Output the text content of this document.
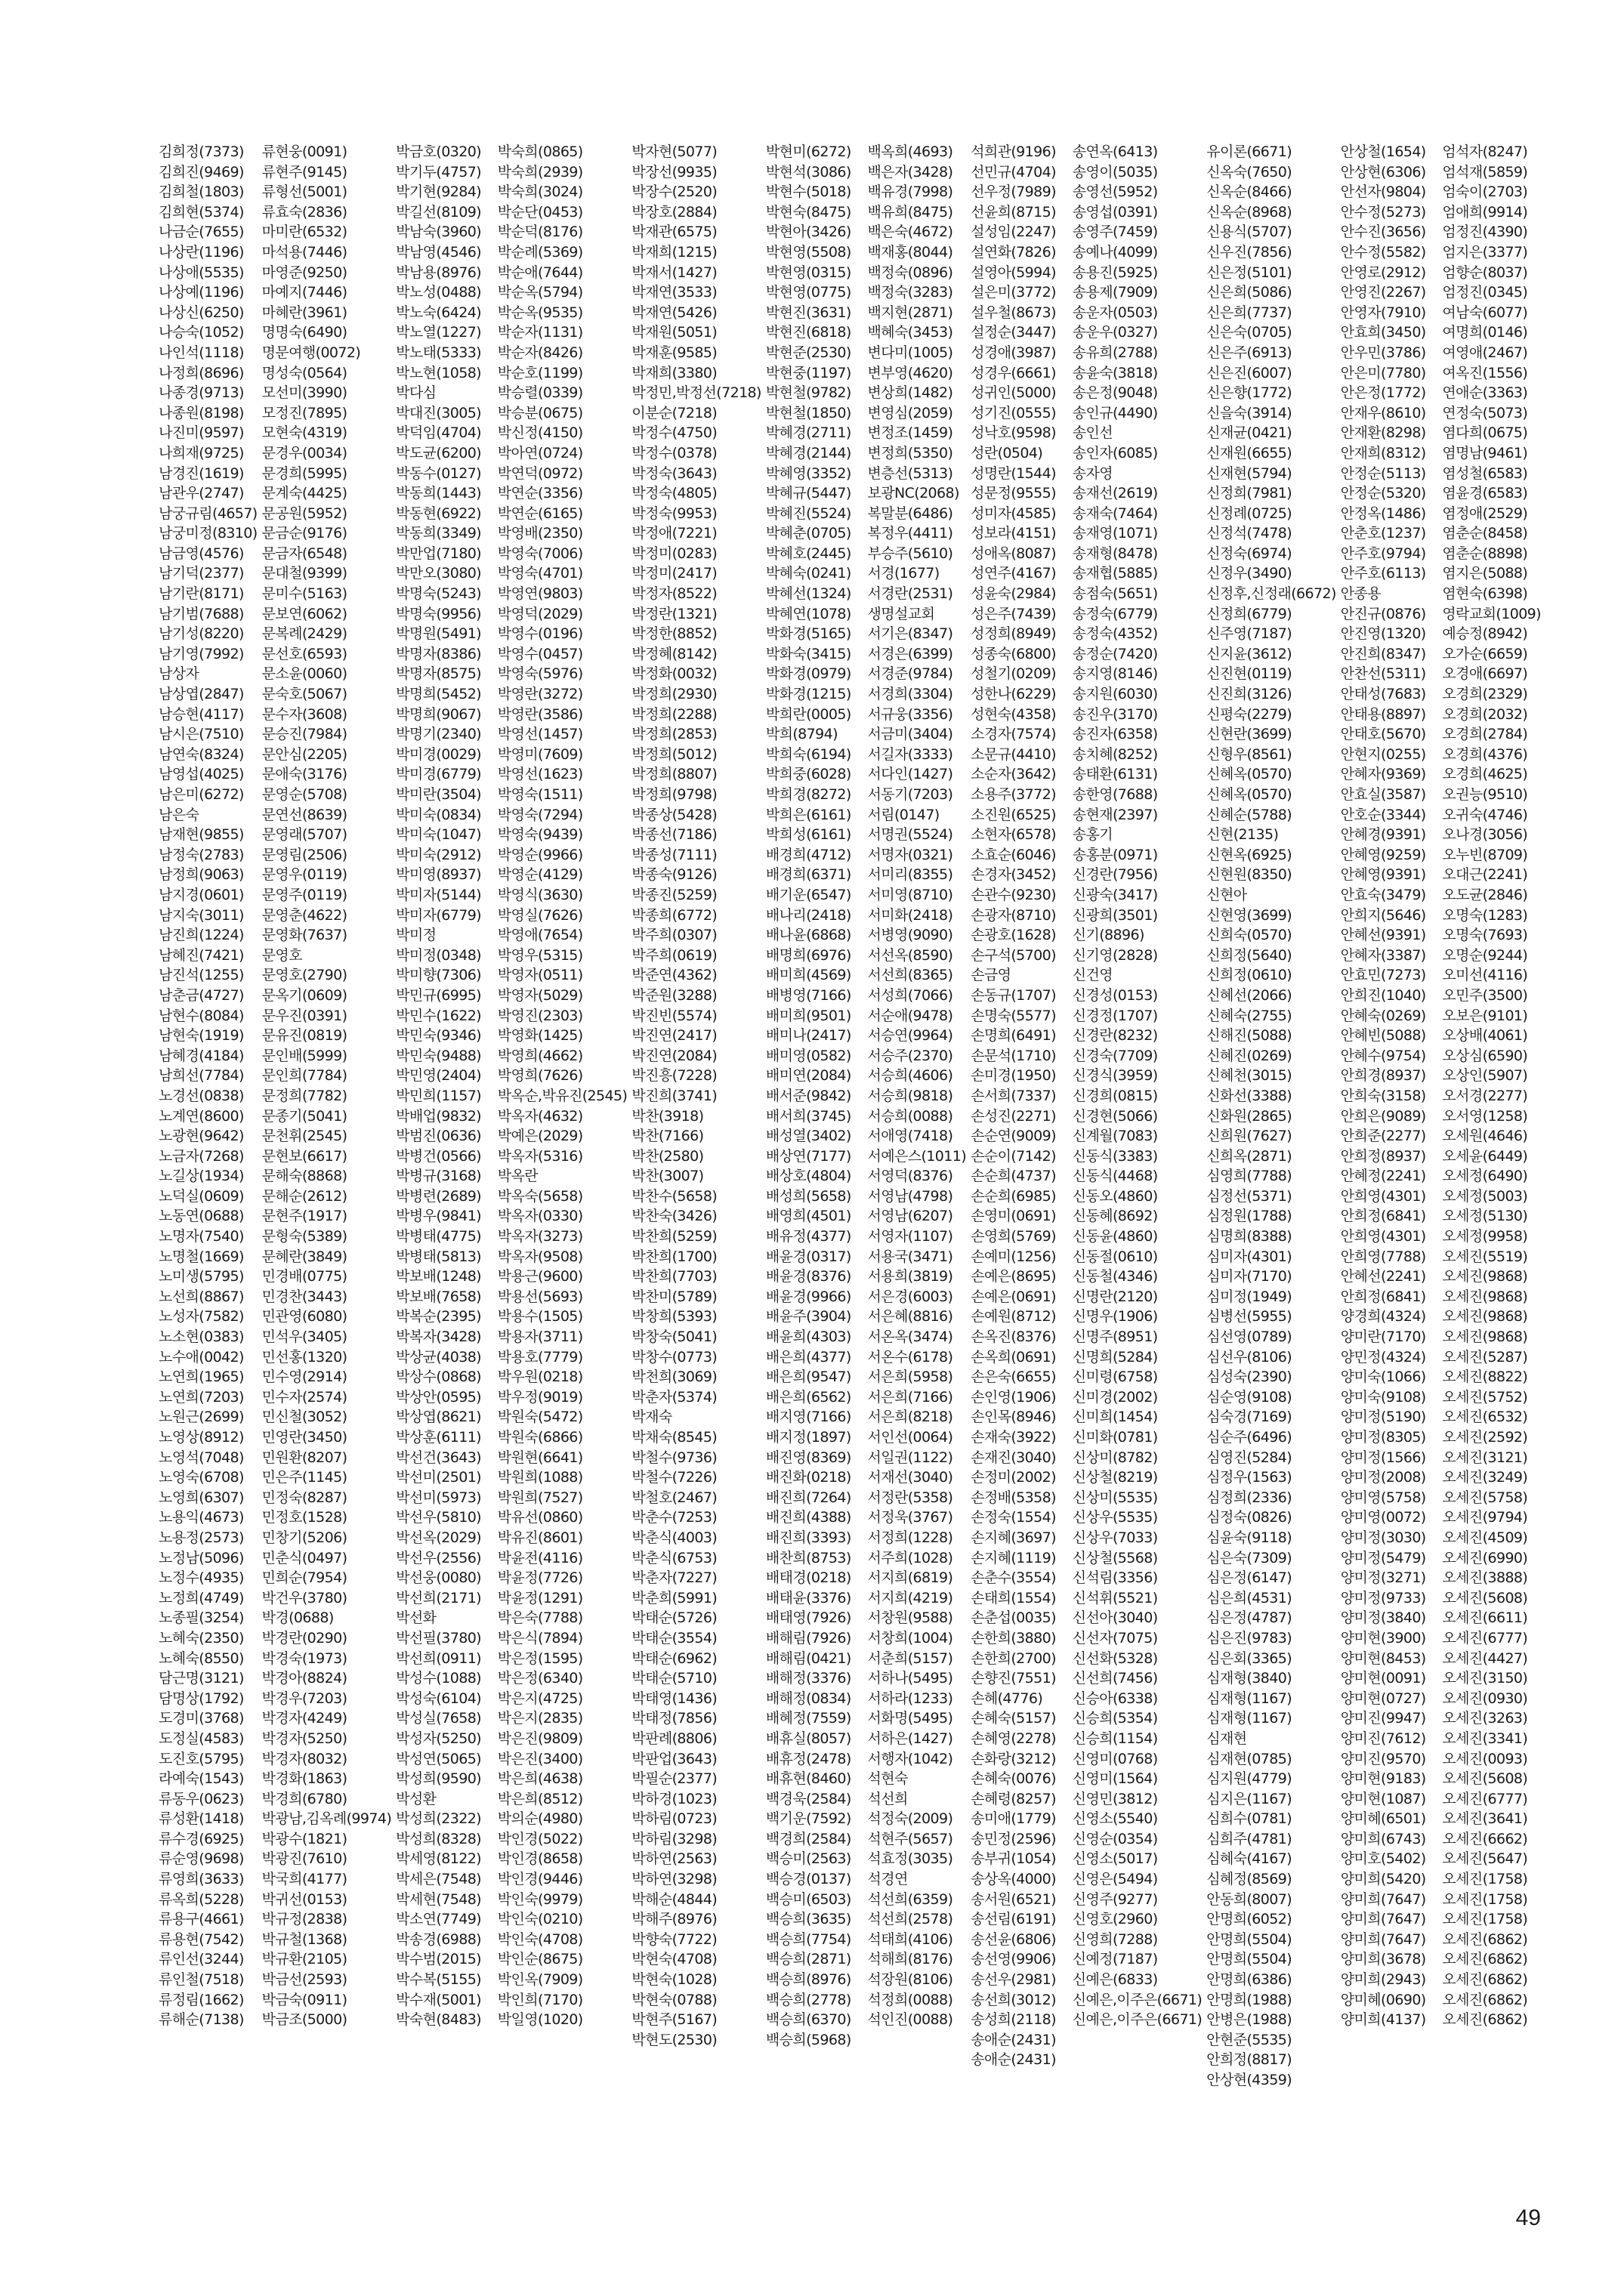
김희정(7373)
김희진(9469)
김희철(1803)
김희현(5374)
나금순(7655)
나상란(1196)
나상애(5535)
나상예(1196)
나상신(6250)
나승숙(1052)
나인석(1118)
나정희(8696)
나종경(9713)
나종원(8198)
나진미(9597)
나희재(9725)
남경진(1619)
남관우(2747)
남궁규림(4657)
남궁미정(8310)
남금영(4576)
남기덕(2377)
남기란(8171)
남기범(7688)
남기성(8220)
남기영(7992)
남상자
남상엽(2847)
남승현(4117)
남시은(7510)
남연숙(8324)
남영섭(4025)
남은미(6272)
남은숙
남재현(9855)
남정숙(2783)
남정희(9063)
남지경(0601)
남지숙(3011)
남진희(1224)
남혜진(7421)
남진석(1255)
남춘금(4727)
남현수(8084)
남현숙(1919)
남혜경(4184)
남희선(7784)
노경선(0838)
노계연(8600)
노광현(9642)
노금자(7268)
노길상(1934)
노덕실(0609)
노동연(0688)
노명자(7540)
노명철(1669)
노미생(5795)
노선희(8867)
노성자(7582)
노소현(0383)
노수애(0042)
노연희(1965)
노연희(7203)
노원근(2699)
노영상(8912)
노영석(7048)
노영숙(6708)
노영희(6307)
노용익(4673)
노용정(2573)
노정남(5096)
노정수(4935)
노정희(4749)
노종필(3254)
노혜숙(2350)
노혜숙(8550)
담근명(3121)
담명상(1792)
도경미(3768)
도정실(4583)
도진호(5795)
라예숙(1543)
류동우(0623)
류성환(1418)
류수경(6925)
류순영(9698)
류영희(3633)
류옥희(5228)
류용구(4661)
류용현(7542)
류인선(3244)
류인철(7518)
류정림(1662)
류해순(7138)
류현웅(0091)
류현주(9145)
류형선(5001)
류효숙(2836)
마미란(6532)
마석용(7446)
마영준(9250)
마예지(7446)
마혜란(3961)
명명숙(6490)
명문여행(0072)
명성숙(0564)
모선미(3990)
모정진(7895)
모현숙(4319)
문경우(0034)
문경희(5995)
문계숙(4425)
문공원(5952)
문금순(9176)
문금자(6548)
문대철(9399)
문미수(5163)
문보연(6062)
문복례(2429)
문선호(6593)
문소윤(0060)
문숙호(5067)
문수자(3608)
문승진(7984)
문안심(2205)
문애숙(3176)
문영순(5708)
문연선(8639)
문영래(5707)
문영림(2506)
문영우(0119)
문영주(0119)
문영춘(4622)
문영화(7637)
문영호
문영호(2790)
문옥기(0609)
문우진(0391)
문유진(0819)
문인배(5999)
문인희(7784)
문정희(7782)
문종기(5041)
문천휘(2545)
문현보(6617)
문해숙(8868)
문해순(2612)
문현주(1917)
문형숙(5389)
문혜란(3849)
민경배(0775)
민경찬(3443)
민관영(6080)
민석우(3405)
민선홍(1320)
민수영(2914)
민수자(2574)
민신철(3052)
민영란(3450)
민원환(8207)
민은주(1145)
민정숙(8287)
민정호(1528)
민창기(5206)
민춘식(0497)
민희순(7954)
박건우(3780)
박경(0688)
박경란(0290)
박경숙(1973)
박경아(8824)
박경우(7203)
박경자(4249)
박경자(5250)
박경자(8032)
박경화(1863)
박경희(6780)
박광남,김옥례(9974)
박광수(1821)
박광진(7610)
박국희(4177)
박귀선(0153)
박규정(2838)
박규철(1368)
박규환(2105)
박금선(2593)
박금숙(0911)
박금조(5000)
박금호(0320)
박기두(4757)
박기현(9284)
박길선(8109)
박남숙(3960)
박남영(4546)
박남용(8976)
박노성(0488)
박노숙(6424)
박노열(1227)
박노태(5333)
박노현(1058)
박다심
박대진(3005)
박덕임(4704)
박도균(6200)
박동수(0127)
박동희(1443)
박동현(6922)
박동희(3349)
박만업(7180)
박만오(3080)
박명숙(5243)
박명숙(9956)
박명원(5491)
박명자(8386)
박명자(8575)
박명희(5452)
박명희(9067)
박명기(2340)
박미경(0029)
박미경(6779)
박미란(3504)
박미숙(0834)
박미숙(1047)
박미숙(2912)
박미영(8937)
박미자(5144)
박미자(6779)
박미정
박미정(0348)
박미향(7306)
박민규(6995)
박민수(1622)
박민숙(9346)
박민숙(9488)
박민영(2404)
박민희(1157)
박배업(9832)
박범진(0636)
박병건(0566)
박병규(3168)
박병련(2689)
박병우(9841)
박병태(4775)
박병태(5813)
박보배(1248)
박보배(7658)
박복순(2395)
박복자(3428)
박상균(4038)
박상수(0868)
박상안(0595)
박상엽(8621)
박상훈(6111)
박선건(3643)
박선미(2501)
박선미(5973)
박선우(5810)
박선옥(2029)
박선우(2556)
박선웅(0080)
박선희(2171)
박선화
박선필(3780)
박선희(0911)
박성수(1088)
박성숙(6104)
박성실(7658)
박성자(5250)
박성연(5065)
박성희(9590)
박성환
박성희(2322)
박성희(8328)
박세영(8122)
박세은(7548)
박세현(7548)
박소연(7749)
박송경(6988)
박수범(2015)
박수복(5155)
박수재(5001)
박숙현(8483)
박숙희(0865)
박숙희(2939)
박숙희(3024)
박순단(0453)
박순덕(8176)
박순례(5369)
박순애(7644)
박순옥(5794)
박순옥(9535)
박순자(1131)
박순자(8426)
박순호(1199)
박승렬(0339)
박승분(0675)
박신정(4150)
박아연(0724)
박연덕(0972)
박연순(3356)
박연순(6165)
박영배(2350)
박영숙(7006)
박영숙(4701)
박영연(9803)
박영덕(2029)
박영수(0196)
박영수(0457)
박영숙(5976)
박영란(3272)
박영란(3586)
박영선(1457)
박영미(7609)
박영선(1623)
박영숙(1511)
박영숙(7294)
박영숙(9439)
박영순(9966)
박영순(4129)
박영식(3630)
박영실(7626)
박영애(7654)
박영우(5315)
박영자(0511)
박영자(5029)
박영진(2303)
박영화(1425)
박영희(4662)
박영희(7626)
박옥순,박유진(2545)
박옥자(4632)
박예은(2029)
박옥자(5316)
박옥란
박옥숙(5658)
박옥자(0330)
박옥자(3273)
박옥자(9508)
박용근(9600)
박용선(5693)
박용수(1505)
박용자(3711)
박용호(7779)
박우원(0218)
박우정(9019)
박원숙(5472)
박원숙(6866)
박원현(6641)
박원희(1088)
박원희(7527)
박유선(0860)
박유진(8601)
박윤전(4116)
박윤정(7726)
박윤정(1291)
박은숙(7788)
박은식(7894)
박은정(1595)
박은정(6340)
박은지(4725)
박은지(2835)
박은진(9809)
박은진(3400)
박은희(4638)
박은희(8512)
박의순(4980)
박인경(5022)
박인경(8658)
박인경(9446)
박인숙(9979)
박인숙(0210)
박인숙(4708)
박인순(8675)
박인옥(7909)
박인희(7170)
박일영(1020)
박자현(5077)
박장선(9935)
박장수(2520)
박장호(2884)
박재관(6575)
박재희(1215)
박재서(1427)
박재연(3533)
박재연(5426)
박재원(5051)
박재훈(9585)
박재희(3380)
박정민,박정선(7218)
이분순(7218)
박정수(4750)
박정수(0378)
박정숙(3643)
박정숙(4805)
박정숙(9953)
박정애(7221)
박정미(0283)
박정미(2417)
박정자(8522)
박정란(1321)
박정한(8852)
박정혜(8142)
박정화(0032)
박정희(2930)
박정희(2288)
박정희(2853)
박정희(5012)
박정희(8807)
박정희(9798)
박종상(5428)
박종선(7186)
박종성(7111)
박종숙(9126)
박종진(5259)
박종희(6772)
박주희(0307)
박주희(0619)
박준연(4362)
박준원(3288)
박진빈(5574)
박진연(2417)
박진연(2084)
박진흥(7228)
박진희(3741)
박찬(3918)
박찬(7166)
박찬(2580)
박찬(3007)
박찬수(5658)
박찬숙(3426)
박찬희(5259)
박찬희(1700)
박찬희(7703)
박찬미(5789)
박창희(5393)
박창숙(5041)
박창수(0773)
박천희(3069)
박춘자(5374)
박재숙
박채숙(8545)
박철수(9736)
박철수(7226)
박철호(2467)
박춘수(7253)
박춘식(4003)
박춘식(6753)
박춘자(7227)
박춘희(5991)
박태순(5726)
박태순(3554)
박태순(6962)
박태순(5710)
박태영(1436)
박태정(7856)
박판례(8806)
박판업(3643)
박필순(2377)
박하경(1023)
박하림(0723)
박하림(3298)
박하연(2563)
박하연(3298)
박해순(4844)
박해주(8976)
박향숙(7722)
박현숙(4708)
박현숙(1028)
박현숙(0788)
박현주(5167)
박현도(2530)
박현미(6272)
박현석(3086)
박현수(5018)
박현숙(8475)
박현아(3426)
박현영(5508)
박현영(0315)
박현영(0775)
박현진(3631)
박현진(6818)
박현준(2530)
박현중(1197)
박현철(9782)
박현철(1850)
박혜경(2711)
박혜경(2144)
박혜영(3352)
박혜규(5447)
박혜진(5524)
박혜춘(0705)
박혜호(2445)
박혜숙(0241)
박혜선(1324)
박혜연(1078)
박화경(5165)
박화숙(3415)
박화경(0979)
박화경(1215)
박희란(0005)
박희(8794)
박희숙(6194)
박희중(6028)
박희경(8272)
박희은(6161)
박희성(6161)
배경희(4712)
배경희(6371)
배기운(6547)
배나리(2418)
배나윤(6868)
배명희(6976)
배미희(4569)
배병영(7166)
배미희(9501)
배미나(2417)
배미영(0582)
배미연(2084)
배서준(9842)
배서희(3745)
배성열(3402)
배상연(7177)
배상호(4804)
배성희(5658)
배영희(4501)
배유정(4377)
배윤경(0317)
배윤경(8376)
배윤경(9966)
배윤주(3904)
배윤희(4303)
배은희(4377)
배은희(9547)
배은희(6562)
배지영(7166)
배지정(1897)
배진영(8369)
배진화(0218)
배진희(7264)
배진희(4388)
배진희(3393)
배찬희(8753)
배태경(0218)
배태윤(3376)
배태영(7926)
배해림(7926)
배해림(0421)
배해정(3376)
배해정(0834)
배혜정(7559)
배휴실(8057)
배휴정(2478)
배휴현(8460)
백경욱(2584)
백기운(7592)
백경희(2584)
백승미(2563)
백승경(0137)
백승미(6503)
백승희(3635)
백승희(7754)
백승희(2871)
백승희(8976)
백승희(2778)
백승희(6370)
백승희(5968)
백옥희(4693)
백은자(3428)
백유경(7998)
백유희(8475)
백은숙(4672)
백재홍(8044)
백정숙(0896)
백정숙(3283)
백지현(2871)
백혜숙(3453)
변다미(1005)
변부영(4620)
변상희(1482)
변영심(2059)
변정조(1459)
변정희(5350)
변층선(5313)
보광NC(2068)
복말분(6486)
복정우(4411)
부승주(5610)
서경(1677)
서경란(2531)
생명설교회
서기은(8347)
서경은(6399)
서경준(9784)
서경희(3304)
서규웅(3356)
서금미(3404)
서길자(3333)
서다인(1427)
서동기(7203)
서림(0147)
서명권(5524)
서명자(0321)
서미리(8355)
서미영(8710)
서미화(2418)
서병영(9090)
서선옥(8590)
서선희(8365)
서성희(7066)
서순애(9478)
서승연(9964)
서승주(2370)
서승희(4606)
서승희(9818)
서승희(0088)
서애영(7418)
서예은스(1011)
서영덕(8376)
서영남(4798)
서영남(6207)
서영자(1107)
서용국(3471)
서용희(3819)
서은경(6003)
서은혜(8816)
서온옥(3474)
서온수(6178)
서은희(5958)
서은희(7166)
서은희(8218)
서인선(0064)
서일권(1122)
서재선(3040)
서정란(5358)
서정욱(3767)
서정희(1228)
서주희(1028)
서지희(6819)
서지희(4219)
서창원(9588)
서창희(1004)
서춘희(5157)
서하나(5495)
서하라(1233)
서화명(5495)
서하은(1427)
서행자(1042)
석현숙
석선희
석정숙(2009)
석현주(5657)
석효정(3035)
석경연
석선희(6359)
석선희(2578)
석태희(4106)
석해희(8176)
석장원(8106)
석정희(0088)
석인진(0088)
석희관(9196)
선민규(4704)
선우정(7989)
선윤희(8715)
설성임(2247)
설연화(7826)
설영아(5994)
설은미(3772)
설우철(8673)
설정순(3447)
성경애(3987)
성경우(6661)
성귀인(5000)
성기진(0555)
성낙호(9598)
성란(0504)
성명란(1544)
성문정(9555)
성미자(4585)
성보라(4151)
성애옥(8087)
성연주(4167)
성윤숙(2984)
성은주(7439)
성정희(8949)
성종숙(6800)
성철기(0209)
성한나(6229)
성현숙(4358)
소경자(7574)
소문규(4410)
소순자(3642)
소용주(3772)
소진원(6525)
소현자(6578)
소효순(6046)
손경자(3452)
손관수(9230)
손광자(8710)
손광호(1628)
손구석(5700)
손금영
손동규(1707)
손명숙(5577)
손명희(6491)
손문석(1710)
손미경(1950)
손서희(7337)
손성진(2271)
손순연(9009)
손순이(7142)
손순희(4737)
손순희(6985)
손영미(0691)
손영희(5769)
손예미(1256)
손예은(8695)
손예은(0691)
손예원(8712)
손옥진(8376)
손옥희(0691)
손은숙(6655)
손인영(1906)
손인목(8946)
손재숙(3922)
손재진(3040)
손정미(2002)
손정배(5358)
손정숙(1554)
손지혜(3697)
손지혜(1119)
손춘수(3554)
손태희(1554)
손춘섭(0035)
손한희(3880)
손한희(2700)
손향진(7551)
손혜(4776)
손혜숙(5157)
손혜영(2278)
손화랑(3212)
손혜숙(0076)
손혜령(8257)
송미애(1779)
송민정(2596)
송부귀(1054)
송상옥(4000)
송서원(6521)
송선림(6191)
송선윤(6806)
송선영(9906)
송선우(2981)
송선희(3012)
송성희(2118)
송애순(2431)
송애순(2431)
송연옥(6413)
송영이(5035)
송영선(5952)
송영섭(0391)
송영주(7459)
송예나(4099)
송용진(5925)
송용제(7909)
송운자(0503)
송운우(0327)
송유희(2788)
송윤숙(3818)
송은정(9048)
송인규(4490)
송인선
송인자(6085)
송자영
송재선(2619)
송재숙(7464)
송재영(1071)
송재형(8478)
송재협(5885)
송점숙(5651)
송정숙(6779)
송정숙(4352)
송정순(7420)
송지영(8146)
송지원(6030)
송진우(3170)
송진자(6358)
송치혜(8252)
송태환(6131)
송한영(7688)
송현재(2397)
송홍기
송홍분(0971)
신경란(7956)
신광숙(3417)
신광희(3501)
신기(8896)
신기영(2828)
신건영
신경성(0153)
신경정(1707)
신경란(8232)
신경숙(7709)
신경식(3959)
신경희(0815)
신경현(5066)
신계월(7083)
신동식(3383)
신동식(4468)
신동오(4860)
신동혜(8692)
신동윤(4860)
신동절(0610)
신동철(4346)
신명란(2120)
신명우(1906)
신명주(8951)
신명희(5284)
신미령(6758)
신미경(2002)
신미희(1454)
신미화(0781)
신상미(8782)
신상철(8219)
신상미(5535)
신상우(5535)
신상우(7033)
신상철(5568)
신석림(3356)
신석휘(5521)
신선아(3040)
신선자(7075)
신선화(5328)
신선희(7456)
신승아(6338)
신승희(5354)
신승희(1154)
신영미(0768)
신영미(1564)
신영민(3812)
신영소(5540)
신영순(0354)
신영소(5017)
신영은(5494)
신영주(9277)
신영호(2960)
신영희(7288)
신예정(7187)
신예은(6833)
신예은,이주은(6671)
신예은,이주은(6671)
유이론(6671)
신옥숙(7650)
신옥순(8466)
신옥순(8968)
신용식(5707)
신우진(7856)
신은정(5101)
신은희(5086)
신은희(7737)
신은숙(0705)
신은주(6913)
신은진(6007)
신은향(1772)
신을숙(3914)
신재균(0421)
신재원(6655)
신재현(5794)
신정희(7981)
신정례(0725)
신정석(7478)
신정숙(6974)
신정우(3490)
신정후,신정래(6672)
신정희(6779)
신주영(7187)
신지윤(3612)
신진현(0119)
신진희(3126)
신평숙(2279)
신현란(3699)
신형우(8561)
신혜옥(0570)
신혜옥(0570)
신혜순(5788)
신현(2135)
신현옥(6925)
신현원(8350)
신현아
신현영(3699)
신희숙(0570)
신희정(5640)
신희정(0610)
신혜선(2066)
신혜숙(2755)
신해진(5088)
신혜진(0269)
신혜천(3015)
신화선(3388)
신화원(2865)
신희원(7627)
신희옥(2871)
심영희(7788)
심정선(5371)
심정원(1788)
심명희(8388)
심미자(4301)
심미자(7170)
심미정(1949)
심병선(5955)
심선영(0789)
심선우(8106)
심성숙(2390)
심순영(9108)
심숙경(7169)
심순주(6496)
심영진(5284)
심정우(1563)
심정희(2336)
심정숙(0826)
심윤숙(9118)
심은숙(7309)
심은정(6147)
심은희(4531)
심은정(4787)
심은진(9783)
심은회(3365)
심재형(3840)
심재형(1167)
심재형(1167)
심재현
심재현(0785)
심지원(4779)
심지은(1167)
심희수(0781)
심희주(4781)
심혜숙(4167)
심혜정(8569)
안동희(8007)
안명희(6052)
안명희(5504)
안명희(5504)
안명희(6386)
안명희(1988)
안병은(1988)
안현준(5535)
안희정(8817)
안상현(4359)
안상철(1654)
안상현(6306)
안선자(9804)
안수정(5273)
안수진(3656)
안수정(5582)
안영로(2912)
안영진(2267)
안영자(7910)
안효희(3450)
안우민(3786)
안은미(7780)
안은정(1772)
안재우(8610)
안재환(8298)
안재희(8312)
안정순(5113)
안정순(5320)
안정옥(1486)
안춘호(1237)
안주호(9794)
안주호(6113)
안종용
안진규(0876)
안진영(1320)
안진희(8347)
안찬선(5311)
안태성(7683)
안태용(8897)
안태호(5670)
안현지(0255)
안혜자(9369)
안효실(3587)
안호순(3344)
안혜경(9391)
안혜영(9259)
안혜영(9391)
안효숙(3479)
안희지(5646)
안혜선(9391)
안혜자(3387)
안효민(7273)
안희진(1040)
안혜숙(0269)
안혜빈(5088)
안혜수(9754)
안희경(8937)
안희숙(3158)
안희은(9089)
안희준(2277)
안희정(8937)
안혜정(2241)
안희영(4301)
안희정(6841)
안희영(4301)
안희영(7788)
안혜선(2241)
안희정(6841)
양경희(4324)
양미란(7170)
양민정(4324)
양미숙(1066)
양미숙(9108)
양미정(5190)
양미정(8305)
양미정(1566)
양미정(2008)
양미영(5758)
양미영(0072)
양미정(3030)
양미정(5479)
양미정(3271)
양미정(9733)
양미정(3840)
양미현(3900)
양미현(8453)
양미현(0091)
양미현(0727)
양미진(9947)
양미진(7612)
양미진(9570)
양미현(9183)
양미현(1087)
양미혜(6501)
양미희(6743)
양미호(5402)
양미희(5420)
양미희(7647)
양미희(7647)
양미희(7647)
양미희(3678)
양미희(2943)
양미혜(0690)
양미희(4137)
엄석자(8247)
엄석재(5859)
엄숙이(2703)
엄애희(9914)
엄정진(4390)
엄지은(3377)
엄향순(8037)
엄정진(0345)
여남숙(6077)
여명희(0146)
여영애(2467)
여옥진(1556)
연애순(3363)
연정숙(5073)
염다희(0675)
염명남(9461)
염성철(6583)
염윤경(6583)
염정애(2529)
염춘순(8458)
염춘순(8898)
염지은(5088)
염현숙(6398)
영락교회(1009)
예승정(8942)
오가순(6659)
오경애(6697)
오경희(2329)
오경희(2032)
오경희(2784)
오경희(4376)
오경희(4625)
오권능(9510)
오귀숙(4746)
오나경(3056)
오누빈(8709)
오대근(2241)
오도균(2846)
오명숙(1283)
오명숙(7693)
오명순(9244)
오미선(4116)
오민주(3500)
오보은(9101)
오상배(4061)
오상심(6590)
오상인(5907)
오서경(2277)
오서영(1258)
오세원(4646)
오세윤(6449)
오세정(6490)
오세정(5003)
오세정(5130)
오세정(9958)
오세진(5519)
오세진(9868)
오세진(9868)
오세진(9868)
오세진(9868)
오세진(5287)
오세진(8822)
오세진(5752)
오세진(6532)
오세진(2592)
오세진(3121)
오세진(3249)
오세진(5758)
오세진(9794)
오세진(4509)
오세진(6990)
오세진(3888)
오세진(5608)
오세진(6611)
오세진(6777)
오세진(4427)
오세진(3150)
오세진(0930)
오세진(3263)
오세진(3341)
오세진(0093)
오세진(5608)
오세진(6777)
오세진(3641)
오세진(6662)
오세진(5647)
오세진(1758)
오세진(1758)
오세진(1758)
오세진(6862)
오세진(6862)
오세진(6862)
오세진(6862)
오세진(6862)
49
